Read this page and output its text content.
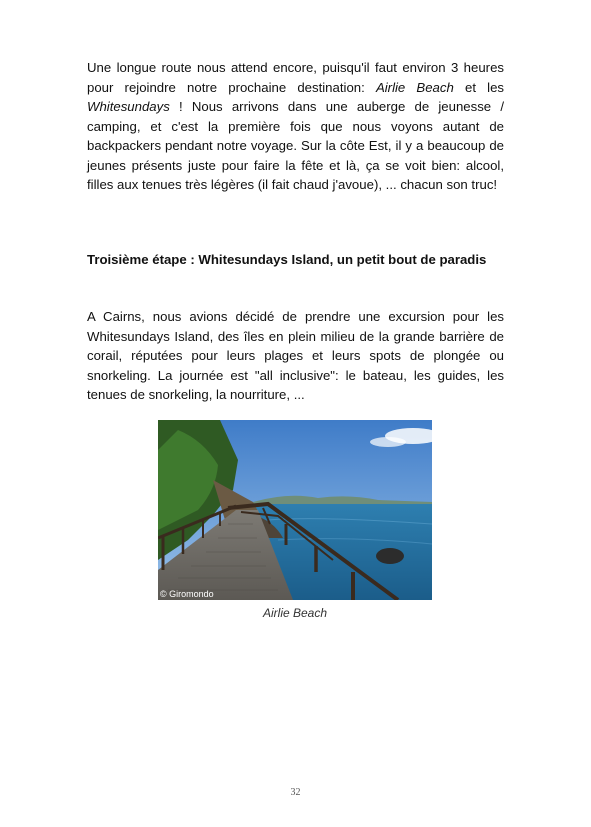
Une longue route nous attend encore, puisqu'il faut environ 3 heures pour rejoindre notre prochaine destination: Airlie Beach et les Whitesundays ! Nous arrivons dans une auberge de jeunesse / camping, et c'est la première fois que nous voyons autant de backpackers pendant notre voyage. Sur la côte Est, il y a beaucoup de jeunes présents juste pour faire la fête et là, ça se voit bien: alcool, filles aux tenues très légères (il fait chaud j'avoue), ... chacun son truc!

Troisième étape : Whitesundays Island, un petit bout de paradis

A Cairns, nous avions décidé de prendre une excursion pour les Whitesundays Island, des îles en plein milieu de la grande barrière de corail, réputées pour leurs plages et leurs spots de plongée ou snorkeling. La journée est "all inclusive": le bateau, les guides, les tenues de snorkeling, la nourriture, ...

© Giromondo
Airlie Beach
32
